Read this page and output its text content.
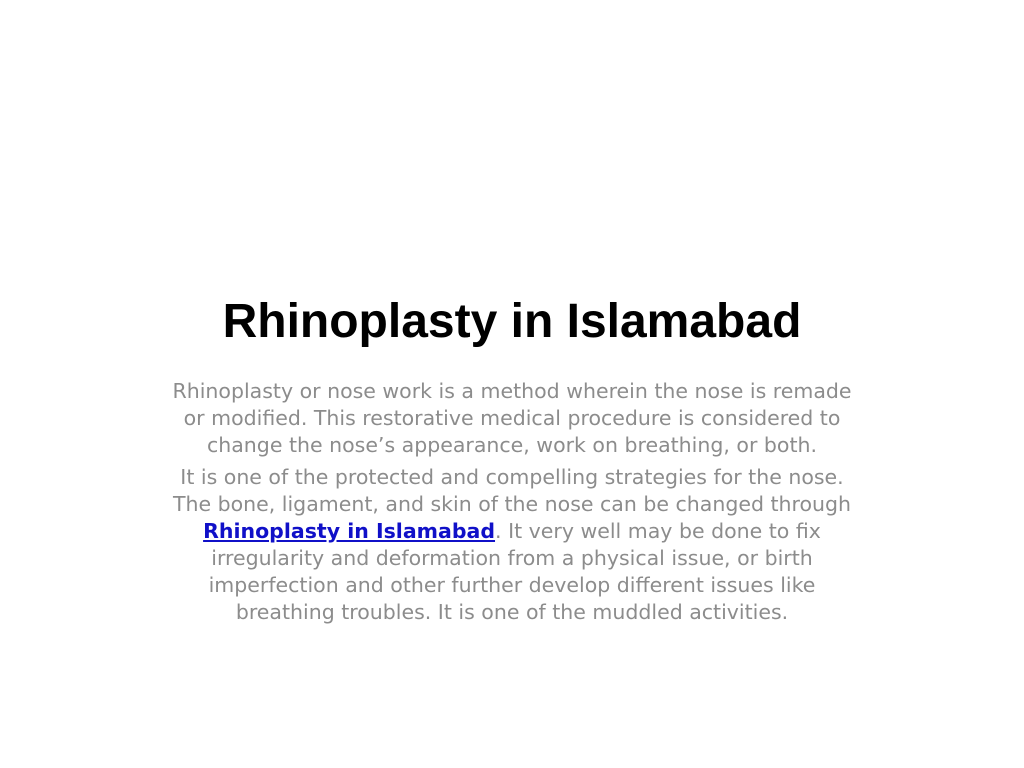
Rhinoplasty in Islamabad

Rhinoplasty or nose work is a method wherein the nose is remade or modified. This restorative medical procedure is considered to change the nose’s appearance, work on breathing, or both.

It is one of the protected and compelling strategies for the nose. The bone, ligament, and skin of the nose can be changed through Rhinoplasty in Islamabad. It very well may be done to fix irregularity and deformation from a physical issue, or birth imperfection and other further develop different issues like breathing troubles. It is one of the muddled activities.
